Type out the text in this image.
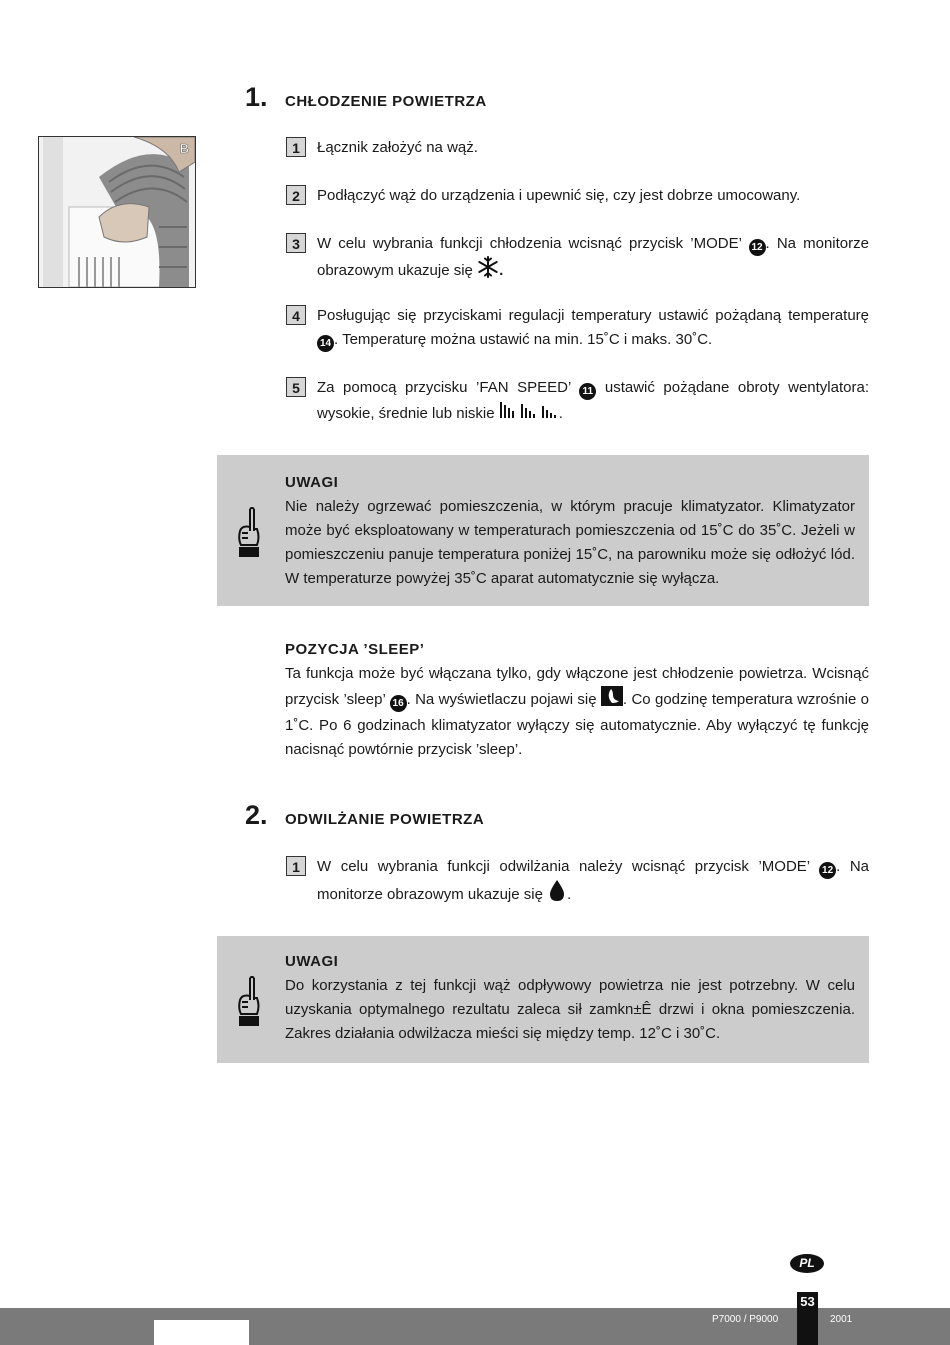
1.	CHŁODZENIE POWIETRZA
B	1	Łącznik założyć na wąż.
2	Podłączyć wąż do urządzenia i upewnić się, czy jest dobrze umocowany.
3	W celu wybrania funkcji chłodzenia wcisnąć przycisk ’MODE’ 12 . Na monitorze obrazowym ukazuje się .
4	Posługując się przyciskami regulacji temperatury ustawić pożądaną temperaturę 14 . Temperaturę można ustawić na min. 15˚C i maks. 30˚C.
5	Za pomocą przycisku ’FAN SPEED’ 11 ustawić pożądane obroty wentylatora: wysokie, średnie lub niskie	.
UWAGI
Nie należy ogrzewać pomieszczenia, w którym pracuje klimatyzator. Klimatyzator może być eksploatowany w temperaturach pomieszczenia od 15˚C do 35˚C. Jeżeli w pomieszczeniu panuje temperatura poniżej 15˚C, na parowniku może się odłożyć lód. W temperaturze powyżej 35˚C aparat automatycznie się wyłącza.
POZYCJA ’SLEEP’
Ta funkcja może być włączana tylko, gdy włączone jest chłodzenie powietrza. Wcisnąć przycisk ’sleep’ 16 . Na wyświetlaczu pojawi się . Co godzinę temperatura wzrośnie o 1˚C. Po 6 godzinach klimatyzator wyłączy się automatycznie. Aby wyłączyć tę funkcję nacisnąć powtórnie przycisk ’sleep’.
2.	ODWILŻANIE POWIETRZA
1	W celu wybrania funkcji odwilżania należy wcisnąć przycisk ’MODE’ 12 . Na monitorze obrazowym ukazuje się .
UWAGI
Do korzystania z tej funkcji wąż odpływowy powietrza nie jest potrzebny. W celu uzyskania optymalnego rezultatu zaleca sił zamkn±Ê drzwi i okna pomieszczenia. Zakres działania odwilżacza mieści się między temp. 12˚C i 30˚C.
PL
53
P7000 / P9000	2001
